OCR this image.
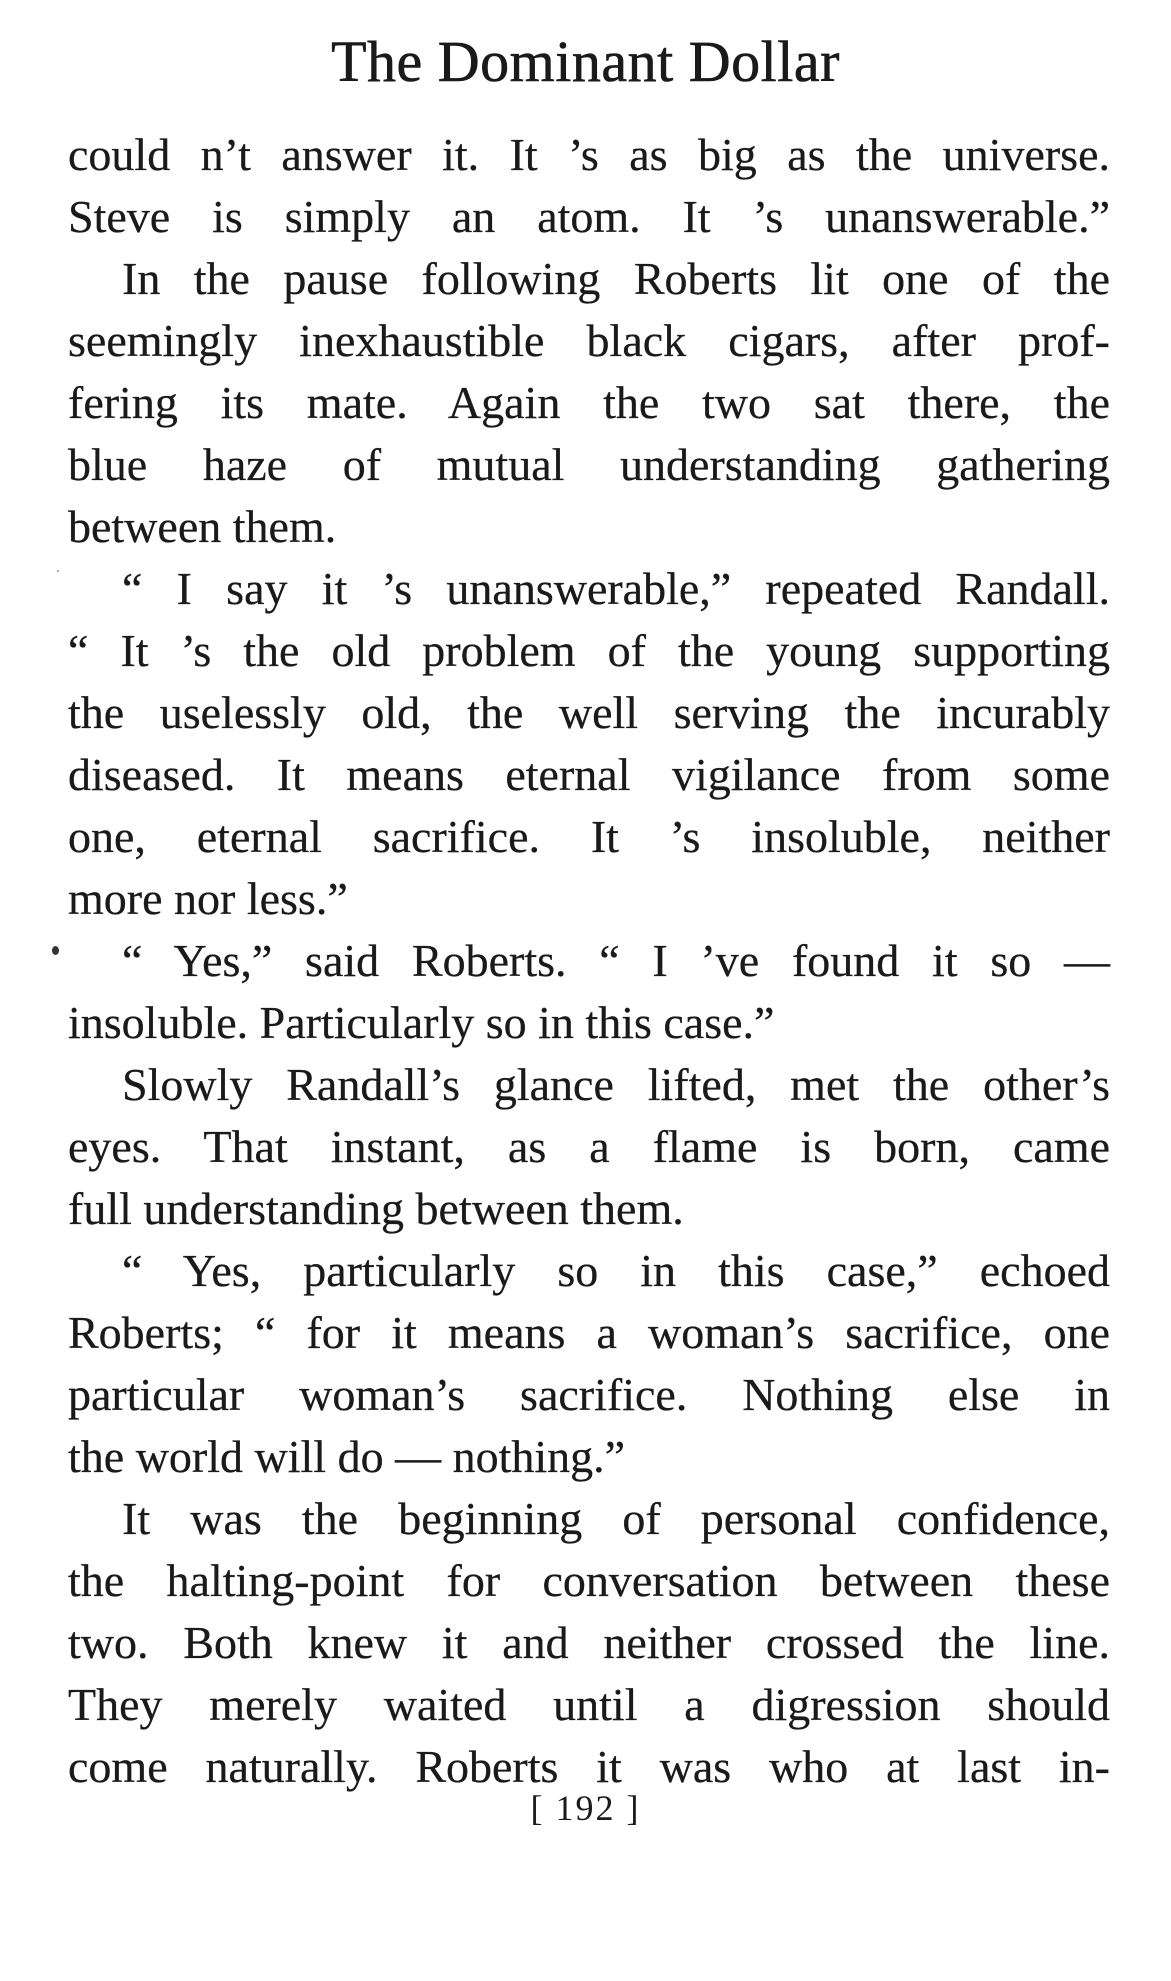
The Dominant Dollar
could n’t answer it. It ’s as big as the universe.
Steve is simply an atom. It ’s unanswerable.”
In the pause following Roberts lit one of the
seemingly inexhaustible black cigars, after prof-
fering its mate. Again the two sat there, the
blue haze of mutual understanding gathering
between them.
“ I say it ’s unanswerable,” repeated Randall.
“ It ’s the old problem of the young supporting
the uselessly old, the well serving the incurably
diseased. It means eternal vigilance from some
one, eternal sacrifice. It ’s insoluble, neither
more nor less.”
“ Yes,” said Roberts. “ I ’ve found it so —
insoluble. Particularly so in this case.”
Slowly Randall’s glance lifted, met the other’s
eyes. That instant, as a flame is born, came
full understanding between them.
“ Yes, particularly so in this case,” echoed
Roberts; “ for it means a woman’s sacrifice, one
particular woman’s sacrifice. Nothing else in
the world will do — nothing.”
It was the beginning of personal confidence,
the halting-point for conversation between these
two. Both knew it and neither crossed the line.
They merely waited until a digression should
come naturally. Roberts it was who at last in-
[ 192 ]
